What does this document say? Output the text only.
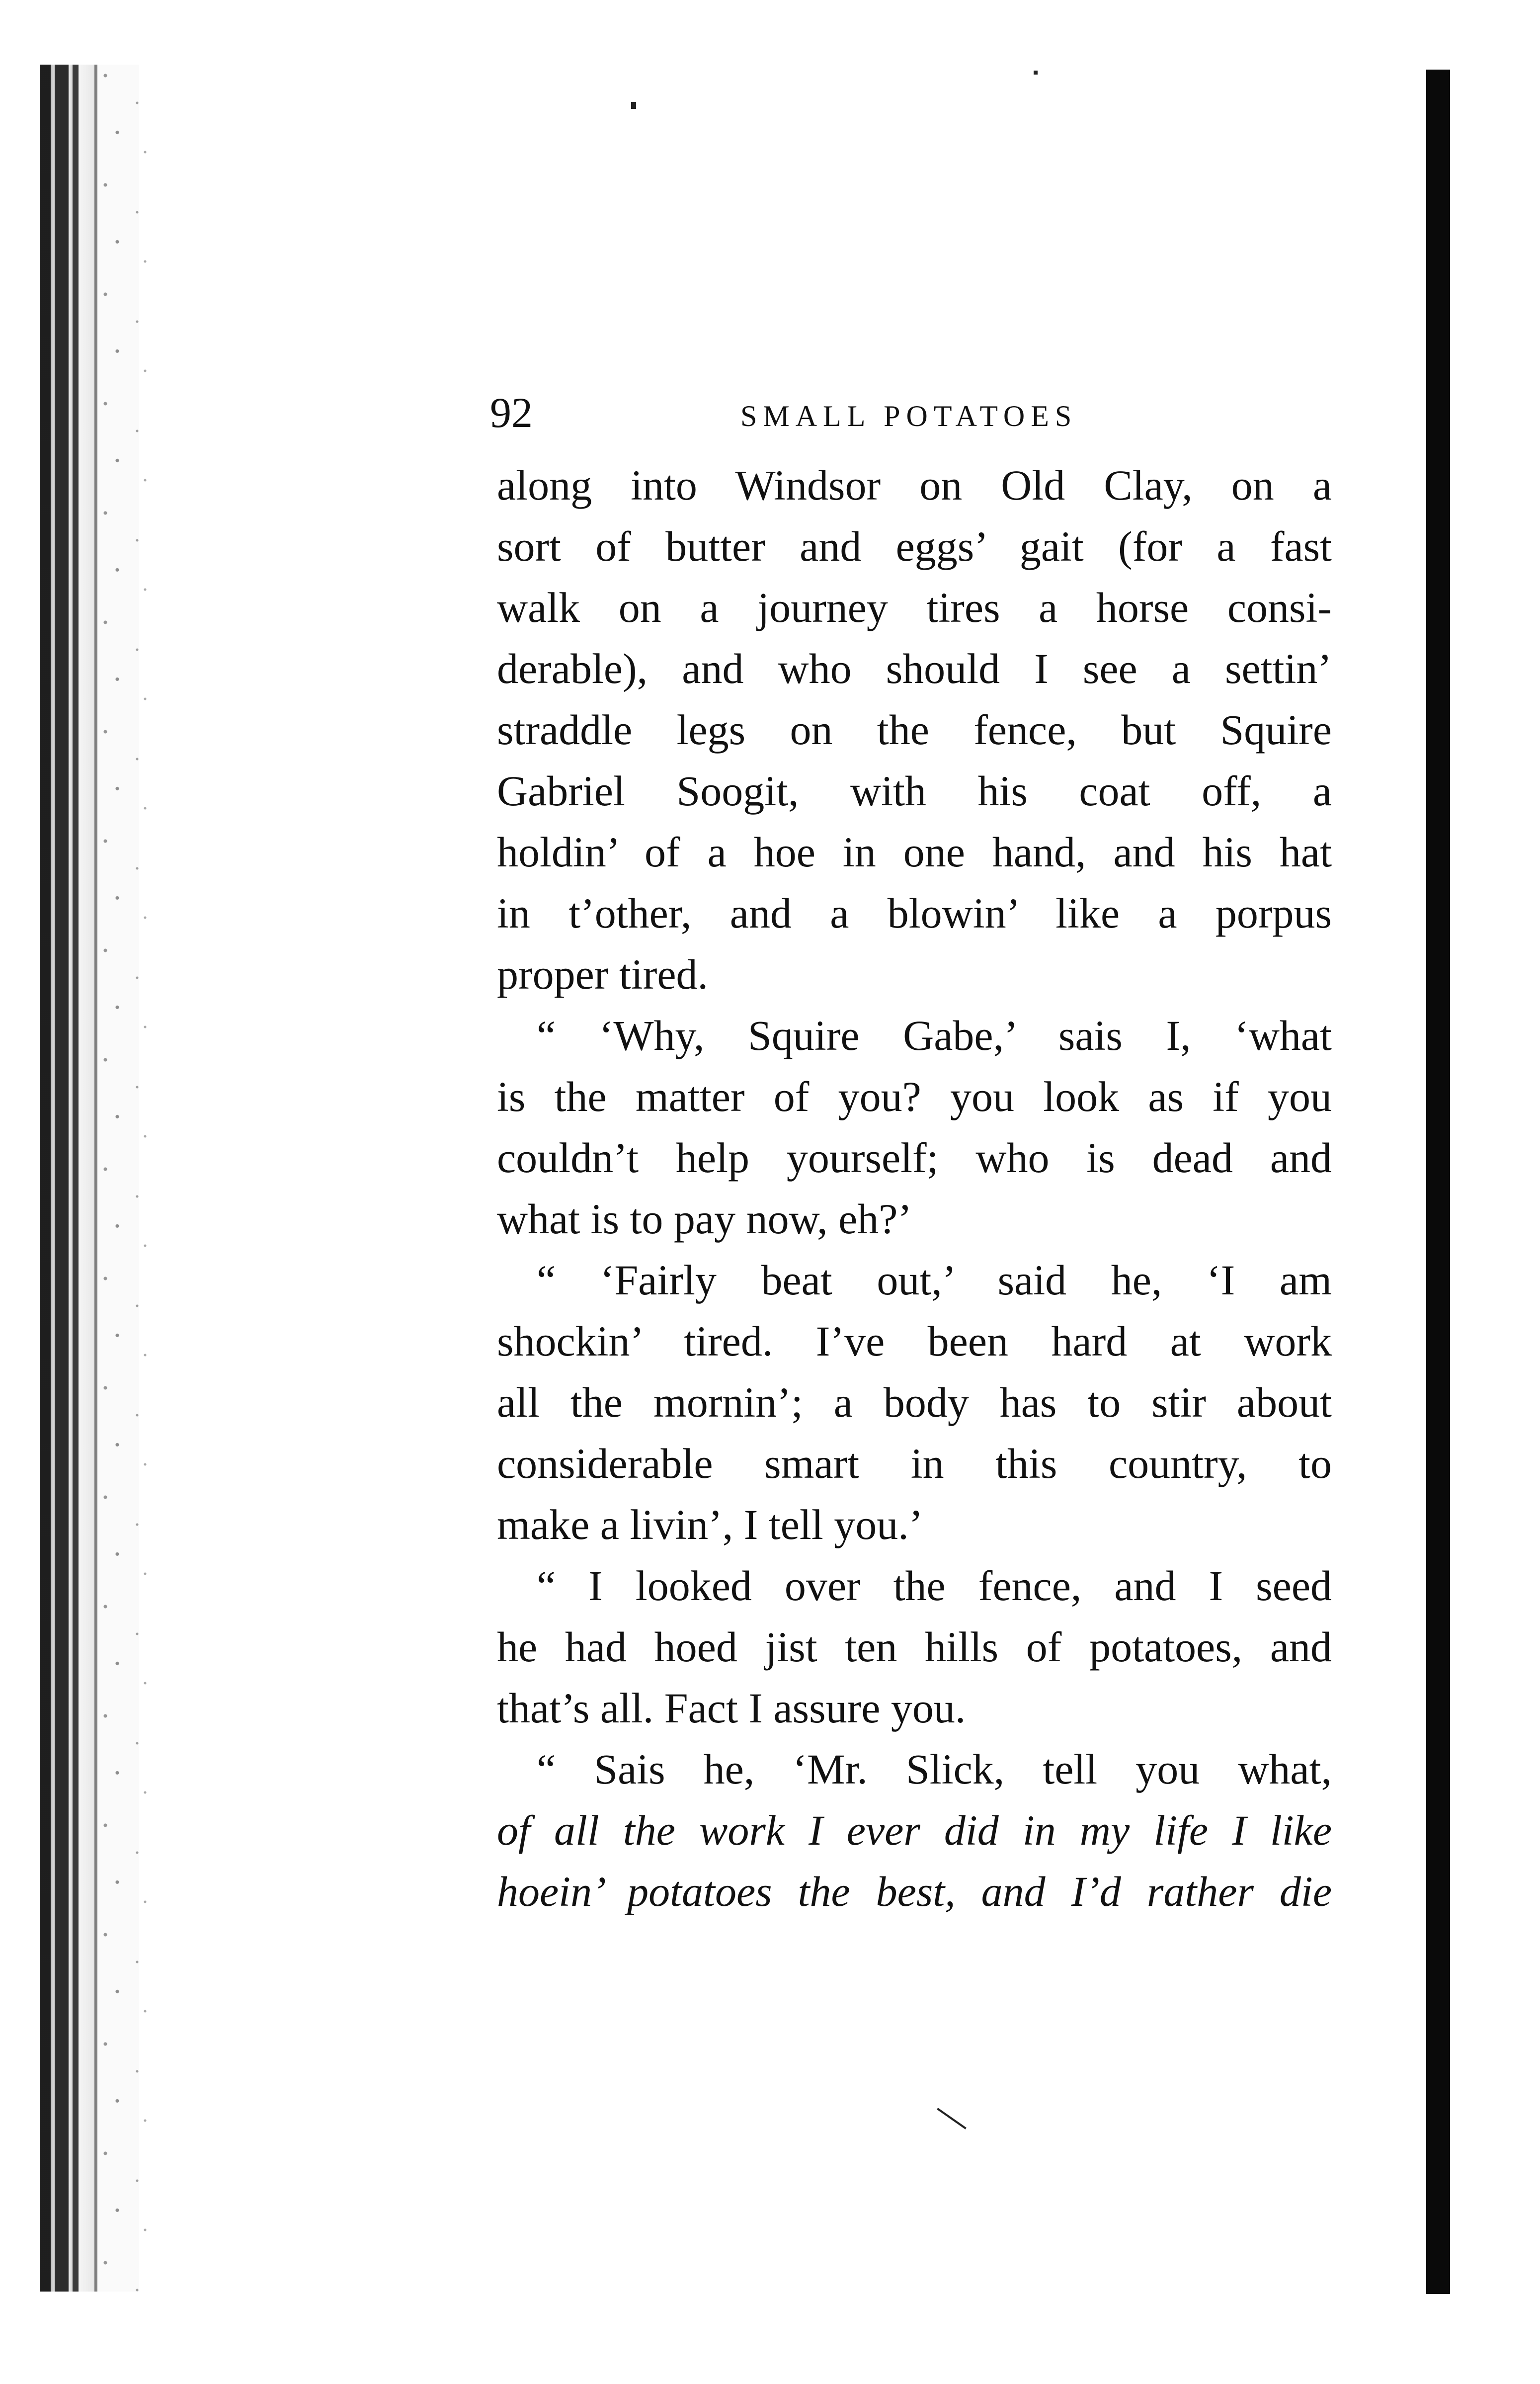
92	SMALL POTATOES
along into Windsor on Old Clay, on a
sort of butter and eggs’ gait (for a fast
walk on a journey tires a horse consi-
derable), and who should I see a settin’
straddle legs on the fence, but Squire
Gabriel Soogit, with his coat off, a
holdin’ of a hoe in one hand, and his hat
in t’other, and a blowin’ like a porpus
proper tired.
“ ‘Why, Squire Gabe,’ sais I, ‘what
is the matter of you? you look as if you
couldn’t help yourself; who is dead and
what is to pay now, eh?’
“ ‘Fairly beat out,’ said he, ‘I am
shockin’ tired. I’ve been hard at work
all the mornin’; a body has to stir about
considerable smart in this country, to
make a livin’, I tell you.’
“ I looked over the fence, and I seed
he had hoed jist ten hills of potatoes, and
that’s all. Fact I assure you.
“ Sais he, ‘Mr. Slick, tell you what,
of all the work I ever did in my life I like
hoein’ potatoes the best, and I’d rather die
